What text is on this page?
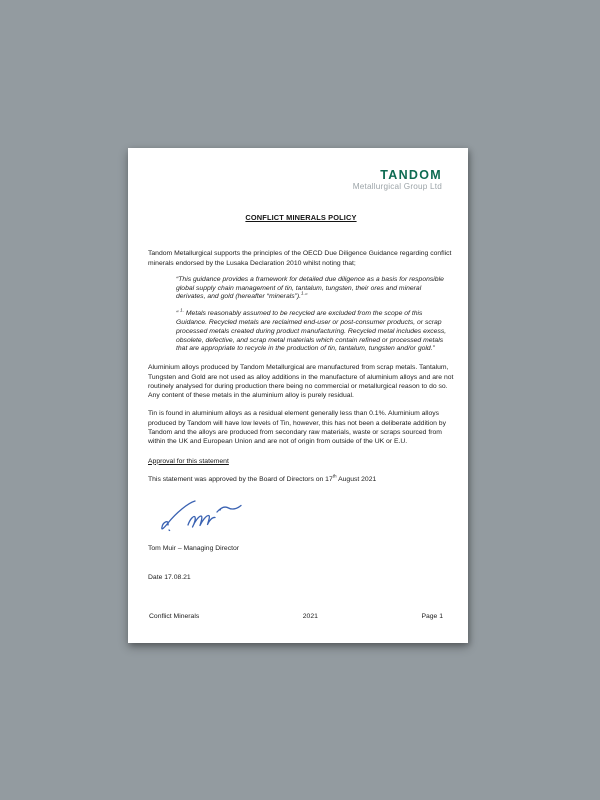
TANDOM
Metallurgical Group Ltd
CONFLICT MINERALS POLICY

Tandom Metallurgical supports the principles of the OECD Due Diligence Guidance regarding conflict minerals endorsed by the Lusaka Declaration 2010 whilst noting that;

“This guidance provides a framework for detailed due diligence as a basis for responsible global supply chain management of tin, tantalum, tungsten, their ores and mineral derivates, and gold (hereafter “minerals”).$^{1.}$”

“ $^{1.}$ Metals reasonably assumed to be recycled are excluded from the scope of this Guidance. Recycled metals are reclaimed end-user or post-consumer products, or scrap processed metals created during product manufacturing. Recycled metal includes excess, obsolete, defective, and scrap metal materials which contain refined or processed metals that are appropriate to recycle in the production of tin, tantalum, tungsten and/or gold.”

Aluminium alloys produced by Tandom Metallurgical are manufactured from scrap metals. Tantalum, Tungsten and Gold are not used as alloy additions in the manufacture of aluminium alloys and are not routinely analysed for during production there being no commercial or metallurgical reason to do so. Any content of these metals in the aluminium alloy is purely residual.

Tin is found in aluminium alloys as a residual element generally less than 0.1%. Aluminium alloys produced by Tandom will have low levels of Tin, however, this has not been a deliberate addition by Tandom and the alloys are produced from secondary raw materials, waste or scraps sourced from within the UK and European Union and are not of origin from outside of the UK or E.U.

Approval for this statement

This statement was approved by the Board of Directors on 17th August 2021

Tom Muir – Managing Director

Date 17.08.21

Conflict Minerals	2021	Page 1
